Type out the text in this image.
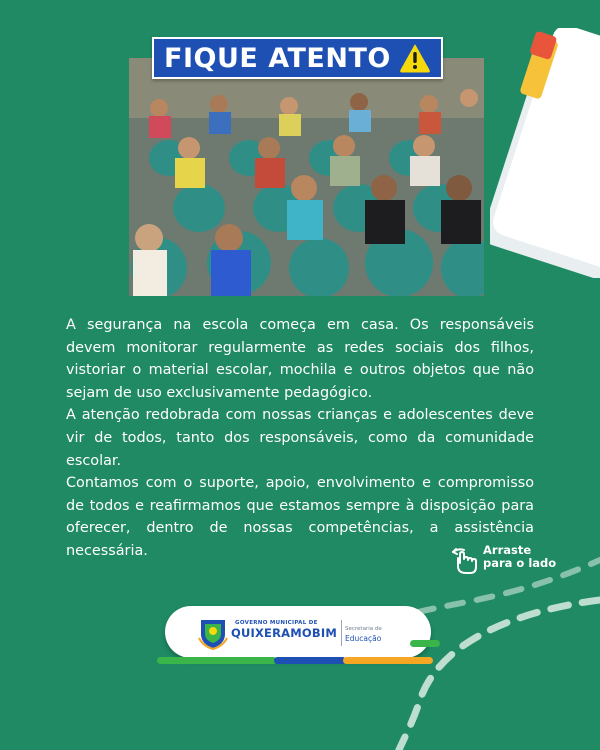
FIQUE ATENTO

A segurança na escola começa em casa. Os responsáveis devem monitorar regularmente as redes sociais dos filhos, vistoriar o material escolar, mochila e outros objetos que não sejam de uso exclusivamente pedagógico.

A atenção redobrada com nossas crianças e adolescentes deve vir de todos, tanto dos responsáveis, como da comunidade escolar.

Contamos com o suporte, apoio, envolvimento e compromisso de todos e reafirmamos que estamos sempre à disposição para oferecer, dentro de nossas competências, a assistência necessária.	Arraste
para o lado
GOVERNO MUNICIPAL DE
QUIXERAMOBIM Secretaria de
Educação
